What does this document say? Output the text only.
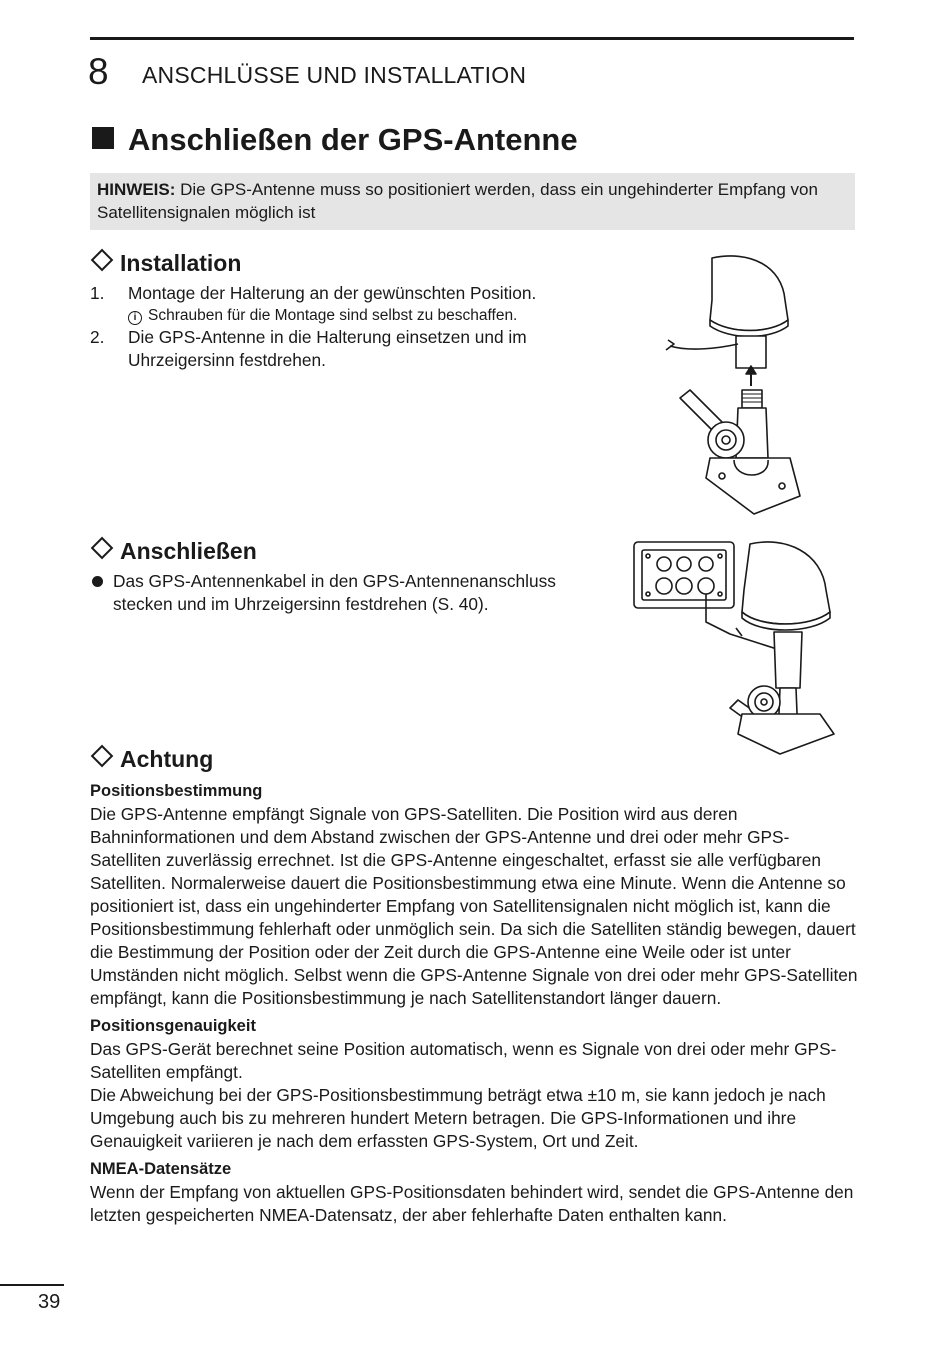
8 ANSCHLÜSSE UND INSTALLATION
Anschließen der GPS-Antenne
HINWEIS: Die GPS-Antenne muss so positioniert werden, dass ein ungehinderter Empfang von Satellitensignalen möglich ist
Installation
1. Montage der Halterung an der gewünschten Position.
i Schrauben für die Montage sind selbst zu beschaffen.
2. Die GPS-Antenne in die Halterung einsetzen und im Uhrzeigersinn festdrehen.
Anschließen
Das GPS-Antennenkabel in den GPS-Antennenanschluss stecken und im Uhrzeigersinn festdrehen (S. 40).
Achtung
Positionsbestimmung
Die GPS-Antenne empfängt Signale von GPS-Satelliten. Die Position wird aus deren Bahninformationen und dem Abstand zwischen der GPS-Antenne und drei oder mehr GPS-Satelliten zuverlässig errechnet. Ist die GPS-Antenne eingeschaltet, erfasst sie alle verfügbaren Satelliten. Normalerweise dauert die Positionsbestimmung etwa eine Minute. Wenn die Antenne so positioniert ist, dass ein ungehinderter Empfang von Satellitensignalen nicht möglich ist, kann die Positionsbestimmung fehlerhaft oder unmöglich sein. Da sich die Satelliten ständig bewegen, dauert die Bestimmung der Position oder der Zeit durch die GPS-Antenne eine Weile oder ist unter Umständen nicht möglich. Selbst wenn die GPS-Antenne Signale von drei oder mehr GPS-Satelliten empfängt, kann die Positionsbestimmung je nach Satellitenstandort länger dauern.
Positionsgenauigkeit
Das GPS-Gerät berechnet seine Position automatisch, wenn es Signale von drei oder mehr GPS-Satelliten empfängt.
Die Abweichung bei der GPS-Positionsbestimmung beträgt etwa ±10 m, sie kann jedoch je nach Umgebung auch bis zu mehreren hundert Metern betragen. Die GPS-Informationen und ihre Genauigkeit variieren je nach dem erfassten GPS-System, Ort und Zeit.
NMEA-Datensätze
Wenn der Empfang von aktuellen GPS-Positionsdaten behindert wird, sendet die GPS-Antenne den letzten gespeicherten NMEA-Datensatz, der aber fehlerhafte Daten enthalten kann.
39
